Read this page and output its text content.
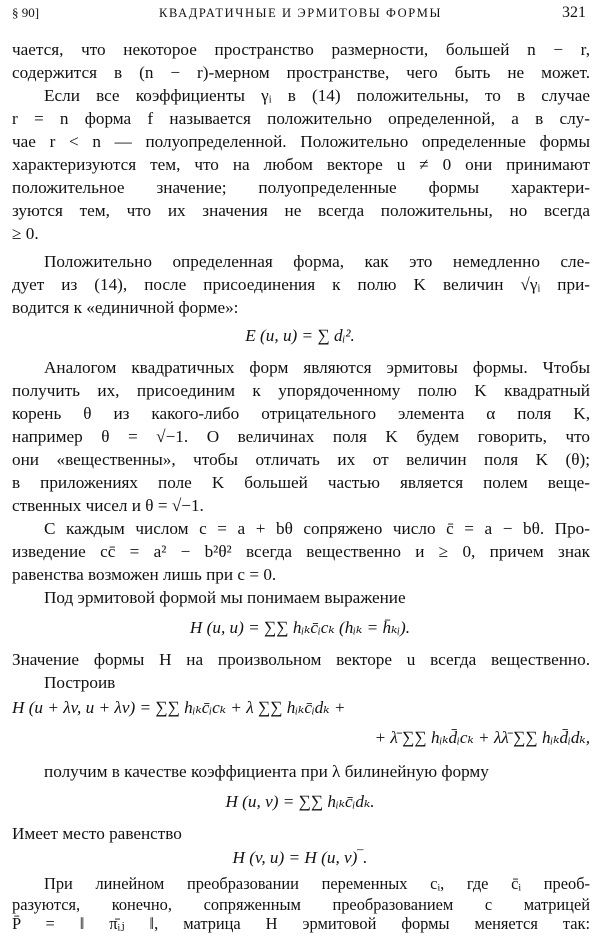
§ 90]	КВАДРАТИЧНЫЕ И ЭРМИТОВЫ ФОРМЫ	321
чается, что некоторое пространство размерности, большей n − r,
содержится в (n − r)-мерном пространстве, чего быть не может.
Если все коэффициенты γᵢ в (14) положительны, то в случае
r = n форма f называется положительно определенной, а в слу-
чае r < n — полуопределенной. Положительно определенные формы
характеризуются тем, что на любом векторе u ≠ 0 они принимают
положительное значение; полуопределенные формы характери-
зуются тем, что их значения не всегда положительны, но всегда
≥ 0.
Положительно определенная форма, как это немедленно сле-
дует из (14), после присоединения к полю K величин √γᵢ при-
водится к «единичной форме»:
E (u, u) = ∑ dᵢ².
Аналогом квадратичных форм являются эрмитовы формы. Чтобы
получить их, присоединим к упорядоченному полю K квадратный
корень θ из какого-либо отрицательного элемента α поля K,
например θ = √−1. О величинах поля K будем говорить, что
они «вещественны», чтобы отличать их от величин поля K (θ);
в приложениях поле K большей частью является полем веще-
ственных чисел и θ = √−1.
С каждым числом c = a + bθ сопряжено число c̄ = a − bθ. Про-
изведение cc̄ = a² − b²θ² всегда вещественно и ≥ 0, причем знак
равенства возможен лишь при c = 0.
Под эрмитовой формой мы понимаем выражение
H (u, u) = ∑∑ hᵢₖc̄ᵢcₖ (hᵢₖ = h̄ₖᵢ).
Значение формы H на произвольном векторе u всегда вещественно.
Построив
H (u + λv, u + λv) = ∑∑ hᵢₖc̄ᵢcₖ + λ ∑∑ hᵢₖc̄ᵢdₖ +
+ λ̄ ∑∑ hᵢₖd̄ᵢcₖ + λλ̄ ∑∑ hᵢₖd̄ᵢdₖ,
получим в качестве коэффициента при λ билинейную форму
H (u, v) = ∑∑ hᵢₖc̄ᵢdₖ.
Имеет место равенство
H (v, u) = H (u, v)‾.
При линейном преобразовании переменных cᵢ, где c̄ᵢ преоб-
разуются, конечно, сопряженным преобразованием с матрицей
P̄ = ‖ π̄ᵢⱼ ‖, матрица H эрмитовой формы меняется так:
